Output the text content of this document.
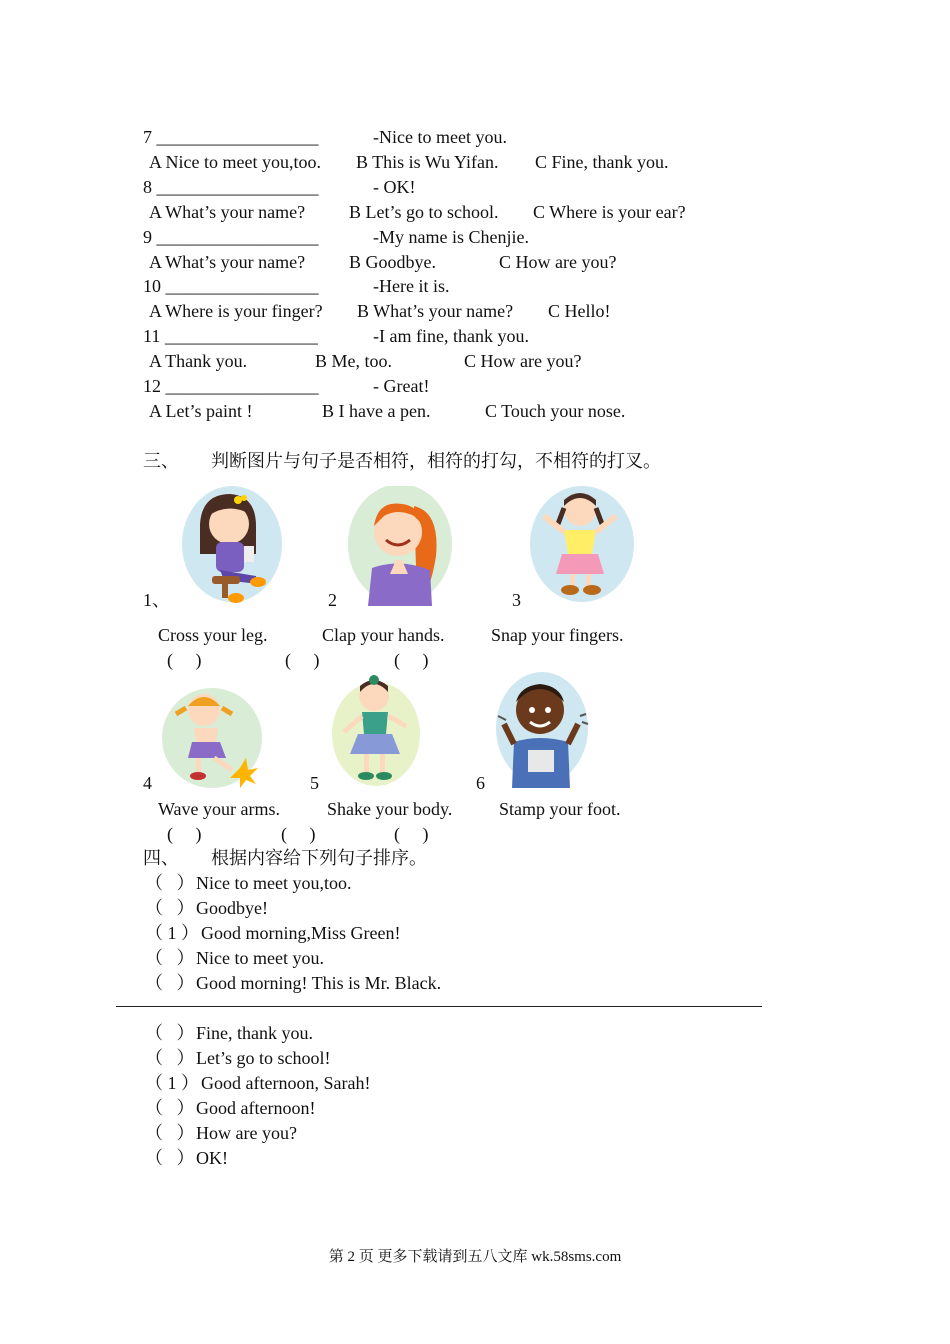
7 __________________	-Nice to meet you.
A Nice to meet you,too. B This is Wu Yifan. C Fine, thank you.
8 __________________	- OK!
A What’s your name? B Let’s go to school. C Where is your ear?
9 __________________	-My name is Chenjie.
A What’s your name? B Goodbye.	C How are you?
10 _________________	-Here it is.
A Where is your finger? B What’s your name? C Hello!
11 _________________	-I am fine, thank you.
A Thank you.	B Me, too.	C How are you?
12 _________________	- Great!
A Let’s paint !	B I have a pen.	C Touch your nose.
三、 判断图片与句子是否相符，相符的打勾，不相符的打叉。
1、	2	3
Cross your leg.	Clap your hands.	Snap your fingers.
(     )	(     )	(     )
4	5	6
Wave your arms.	Shake your body.	Stamp your foot.
(     )	(     )	(     )
四、 根据内容给下列句子排序。
（   ） Nice to meet you,too.
（   ） Goodbye!
（ 1 ） Good morning,Miss Green!
（   ） Nice to meet you.
（   ） Good morning! This is Mr. Black.
（   ） Fine, thank you.
（   ） Let’s go to school!
（ 1 ） Good afternoon, Sarah!
（   ） Good afternoon!
（   ） How are you?
（   ） OK!
第 2 页 更多下载请到五八文库 wk.58sms.com
